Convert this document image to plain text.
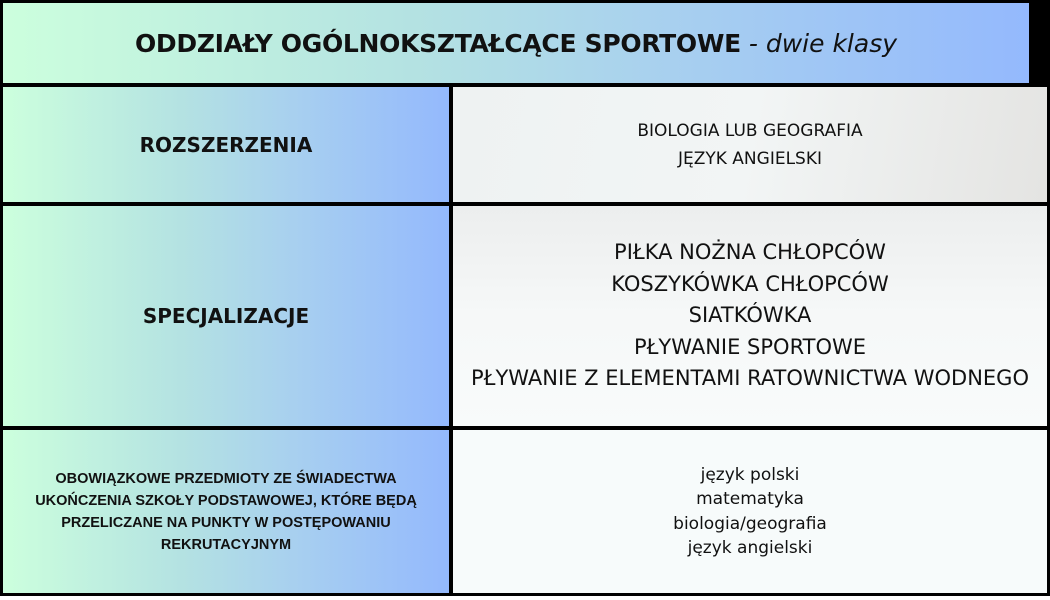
ODDZIAŁY OGÓLNOKSZTAŁCĄCE SPORTOWE - dwie klasy
ROZSZERZENIA
BIOLOGIA LUB GEOGRAFIA
JĘZYK ANGIELSKI
SPECJALIZACJE
PIŁKA NOŻNA CHŁOPCÓW
KOSZYKÓWKA CHŁOPCÓW
SIATKÓWKA
PŁYWANIE SPORTOWE
PŁYWANIE Z ELEMENTAMI RATOWNICTWA WODNEGO
OBOWIĄZKOWE PRZEDMIOTY ZE ŚWIADECTWA UKOŃCZENIA SZKOŁY PODSTAWOWEJ, KTÓRE BĘDĄ PRZELICZANE NA PUNKTY W POSTĘPOWANIU REKRUTACYJNYM
język polski
matematyka
biologia/geografia
język angielski
